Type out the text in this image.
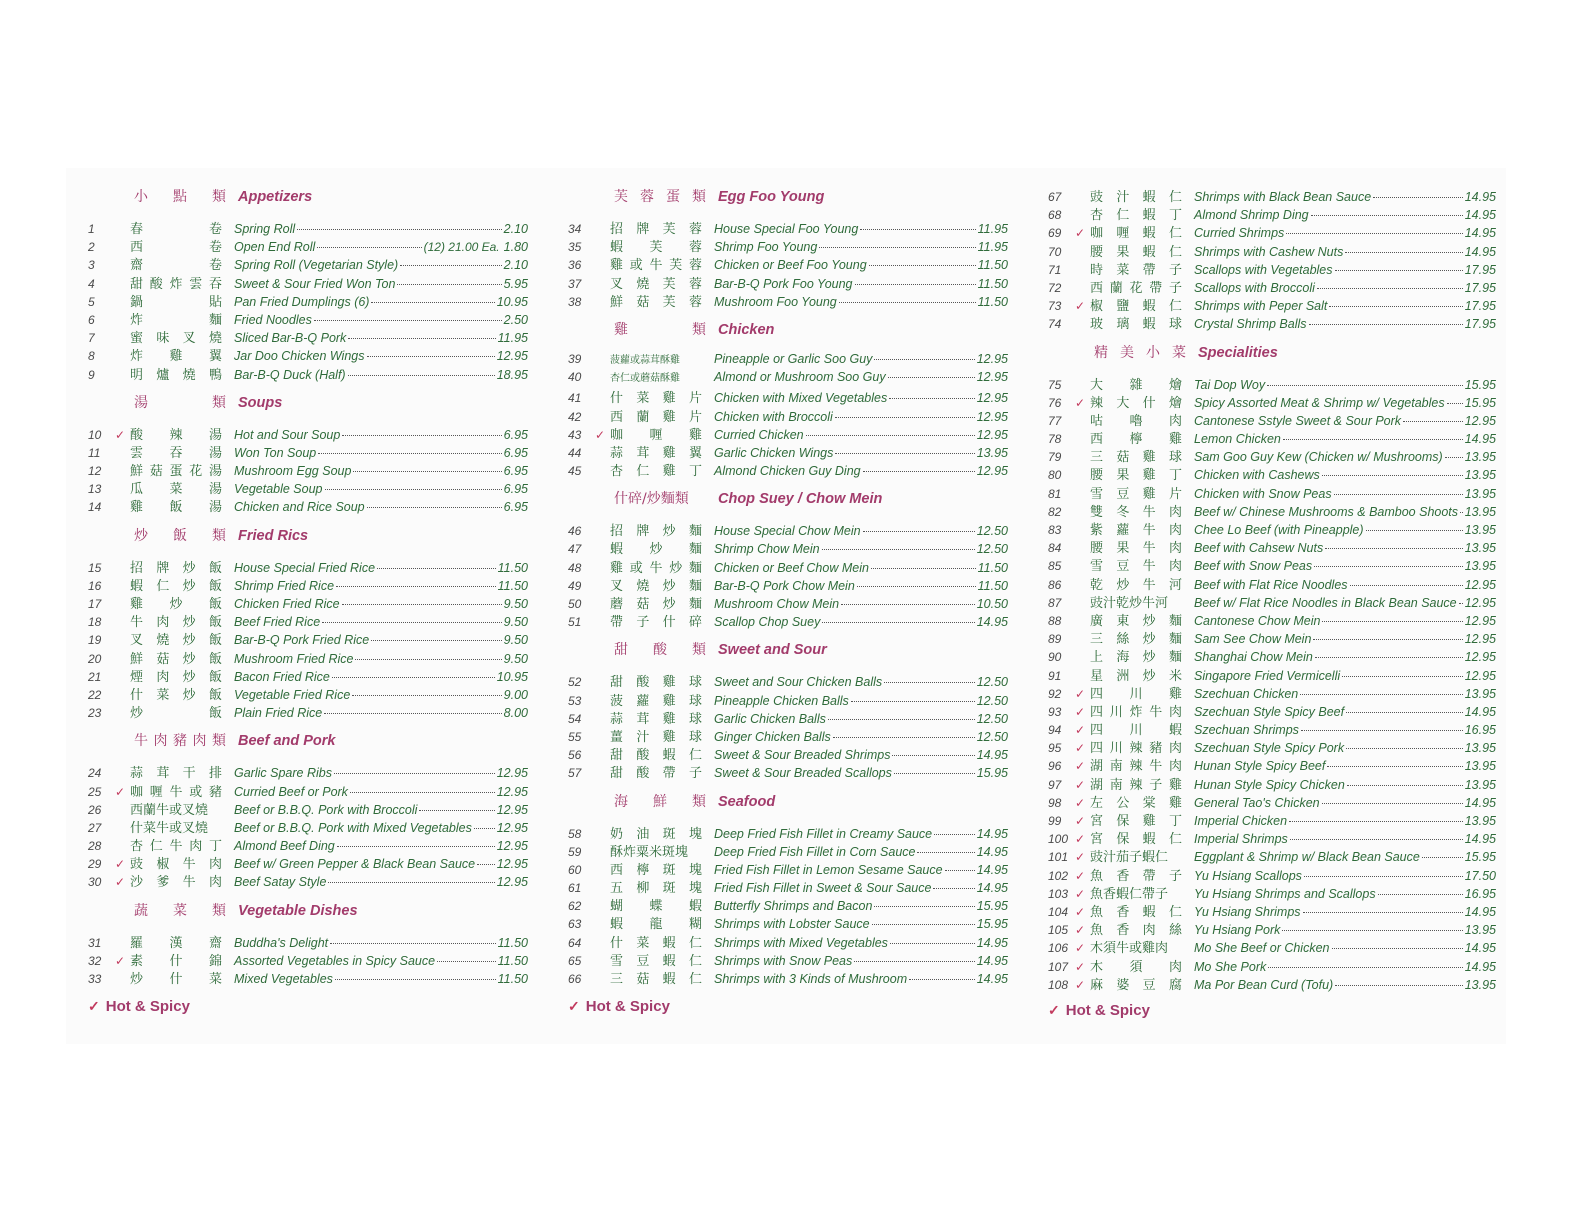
小 點 類 Appetizers
1	春	卷 Spring Roll	2.10
2	西	卷 Open End Roll	(12) 21.00 Ea. 1.80
3	齋	卷 Spring Roll (Vegetarian Style)	2.10
4	甜 酸 炸 雲 吞 Sweet & Sour Fried Won Ton	5.95
5	鍋	貼 Pan Fried Dumplings (6)	10.95
6	炸	麵 Fried Noodles	2.50
7	蜜 味 叉 燒 Sliced Bar-B-Q Pork	11.95
8	炸 雞 翼 Jar Doo Chicken Wings	12.95
9	明 爐 燒 鴨 Bar-B-Q Duck (Half)	18.95
湯	類 Soups
10	✓ 酸 辣 湯 Hot and Sour Soup	6.95
11	雲 吞 湯 Won Ton Soup	6.95
12	鮮 菇 蛋 花 湯 Mushroom Egg Soup	6.95
13	瓜 菜 湯 Vegetable Soup	6.95
14	雞 飯 湯 Chicken and Rice Soup	6.95
炒 飯 類 Fried Rics
15	招 牌 炒 飯 House Special Fried Rice	11.50
16	蝦 仁 炒 飯 Shrimp Fried Rice	11.50
17	雞 炒 飯 Chicken Fried Rice	9.50
18	牛 肉 炒 飯 Beef Fried Rice	9.50
19	叉 燒 炒 飯 Bar-B-Q Pork Fried Rice	9.50
20	鮮 菇 炒 飯 Mushroom Fried Rice	9.50
21	煙 肉 炒 飯 Bacon Fried Rice	10.95
22	什 菜 炒 飯 Vegetable Fried Rice	9.00
23	炒	飯 Plain Fried Rice	8.00
牛 肉 豬 肉 類 Beef and Pork
24	蒜 茸 干 排 Garlic Spare Ribs	12.95
25	✓ 咖 喱 牛 或 豬 Curried Beef or Pork	12.95
26	西蘭牛或叉燒	Beef or B.B.Q. Pork with Broccoli	12.95
27	什菜牛或叉燒	Beef or B.B.Q. Pork with Mixed Vegetables 12.95
28	杏 仁 牛 肉 丁 Almond Beef Ding	12.95
29	✓ 豉 椒 牛 肉 Beef w/ Green Pepper & Black Bean Sauce 12.95
30	✓ 沙 爹 牛 肉 Beef Satay Style	12.95
蔬 菜 類 Vegetable Dishes
31	羅 漢 齋 Buddha's Delight	11.50
32	✓ 素 什 錦 Assorted Vegetables in Spicy Sauce	11.50
33	炒 什 菜 Mixed Vegetables	11.50
芙 蓉 蛋 類 Egg Foo Young
34	招 牌 芙 蓉 House Special Foo Young	11.95
35	蝦 芙 蓉 Shrimp Foo Young	11.95
36	雞 或 牛 芙 蓉 Chicken or Beef Foo Young	11.50
37	叉 燒 芙 蓉 Bar-B-Q Pork Foo Young	11.50
38	鮮 菇 芙 蓉 Mushroom Foo Young	11.50
雞	類 Chicken
39	菠蘿或蒜茸酥雞	Pineapple or Garlic Soo Guy	12.95
40	杏仁或蘑菇酥雞	Almond or Mushroom Soo Guy	12.95
41	什 菜 雞 片 Chicken with Mixed Vegetables	12.95
42	西 蘭 雞 片 Chicken with Broccoli	12.95
43	✓ 咖 喱 雞 Curried Chicken	12.95
44	蒜 茸 雞 翼 Garlic Chicken Wings	13.95
45	杏 仁 雞 丁 Almond Chicken Guy Ding	12.95
什碎/炒麵類	Chop Suey / Chow Mein
46	招 牌 炒 麵 House Special Chow Mein	12.50
47	蝦 炒 麵 Shrimp Chow Mein	12.50
48	雞 或 牛 炒 麵 Chicken or Beef Chow Mein	11.50
49	叉 燒 炒 麵 Bar-B-Q Pork Chow Mein	11.50
50	蘑 菇 炒 麵 Mushroom Chow Mein	10.50
51	帶 子 什 碎 Scallop Chop Suey	14.95
甜 酸 類 Sweet and Sour
52	甜 酸 雞 球 Sweet and Sour Chicken Balls	12.50
53	菠 蘿 雞 球 Pineapple Chicken Balls	12.50
54	蒜 茸 雞 球 Garlic Chicken Balls	12.50
55	薑 汁 雞 球 Ginger Chicken Balls	12.50
56	甜 酸 蝦 仁 Sweet & Sour Breaded Shrimps	14.95
57	甜 酸 帶 子 Sweet & Sour Breaded Scallops	15.95
海 鮮 類 Seafood
58	奶 油 斑 塊 Deep Fried Fish Fillet in Creamy Sauce	14.95
59	酥炸粟米斑塊	Deep Fried Fish Fillet in Corn Sauce	14.95
60	西 檸 斑 塊 Fried Fish Fillet in Lemon Sesame Sauce	14.95
61	五 柳 斑 塊 Fried Fish Fillet in Sweet & Sour Sauce	14.95
62	蝴 蝶 蝦 Butterfly Shrimps and Bacon	15.95
63	蝦 龍 糊 Shrimps with Lobster Sauce	15.95
64	什 菜 蝦 仁 Shrimps with Mixed Vegetables	14.95
65	雪 豆 蝦 仁 Shrimps with Snow Peas	14.95
66	三 菇 蝦 仁 Shrimps with 3 Kinds of Mushroom	14.95
67	豉 汁 蝦 仁 Shrimps with Black Bean Sauce	14.95
68	杏 仁 蝦 丁 Almond Shrimp Ding	14.95
69	✓ 咖 喱 蝦 仁 Curried Shrimps	14.95
70	腰 果 蝦 仁 Shrimps with Cashew Nuts	14.95
71	時 菜 帶 子 Scallops with Vegetables	17.95
72	西 蘭 花 帶 子 Scallops with Broccoli	17.95
73	✓ 椒 鹽 蝦 仁 Shrimps with Peper Salt	17.95
74	玻 璃 蝦 球 Crystal Shrimp Balls	17.95
精 美 小 菜 Specialities
75	大 雜 燴 Tai Dop Woy	15.95
76	✓ 辣 大 什 燴 Spicy Assorted Meat & Shrimp w/ Vegetables 15.95
77	咕 嚕 肉 Cantonese Sstyle Sweet & Sour Pork	12.95
78	西 檸 雞 Lemon Chicken	14.95
79	三 菇 雞 球 Sam Goo Guy Kew (Chicken w/ Mushrooms) 13.95
80	腰 果 雞 丁 Chicken with Cashews	13.95
81	雪 豆 雞 片 Chicken with Snow Peas	13.95
82	雙 冬 牛 肉 Beef w/ Chinese Mushrooms & Bamboo Shoots 13.95
83	紫 蘿 牛 肉 Chee Lo Beef (with Pineapple)	13.95
84	腰 果 牛 肉 Beef with Cahsew Nuts	13.95
85	雪 豆 牛 肉 Beef with Snow Peas	13.95
86	乾 炒 牛 河 Beef with Flat Rice Noodles	12.95
87	豉汁乾炒牛河	Beef w/ Flat Rice Noodles in Black Bean Sauce 12.95
88	廣 東 炒 麵 Cantonese Chow Mein	12.95
89	三 絲 炒 麵 Sam See Chow Mein	12.95
90	上 海 炒 麵 Shanghai Chow Mein	12.95
91	星 洲 炒 米 Singapore Fried Vermicelli	12.95
92	✓ 四 川 雞 Szechuan Chicken	13.95
93	✓ 四 川 炸 牛 肉 Szechuan Style Spicy Beef	14.95
94	✓ 四 川 蝦 Szechuan Shrimps	16.95
95	✓ 四 川 辣 豬 肉 Szechuan Style Spicy Pork	13.95
96	✓ 湖 南 辣 牛 肉 Hunan Style Spicy Beef	13.95
97	✓ 湖 南 辣 子 雞 Hunan Style Spicy Chicken	13.95
98	✓ 左 公 棠 雞 General Tao's Chicken	14.95
99	✓ 宮 保 雞 丁 Imperial Chicken	13.95
100 ✓ 宮 保 蝦 仁 Imperial Shrimps	14.95
101 ✓ 豉汁茄子蝦仁	Eggplant & Shrimp w/ Black Bean Sauce	15.95
102 ✓ 魚 香 帶 子 Yu Hsiang Scallops	17.50
103 ✓ 魚香蝦仁帶子	Yu Hsiang Shrimps and Scallops	16.95
104 ✓ 魚 香 蝦 仁 Yu Hsiang Shrimps	14.95
105 ✓ 魚 香 肉 絲 Yu Hsiang Pork	13.95
106 ✓ 木須牛或雞肉	Mo She Beef or Chicken	14.95
107 ✓ 木 須 肉 Mo She Pork	14.95
108 ✓ 麻 婆 豆 腐 Ma Por Bean Curd (Tofu)	13.95
✓ Hot & Spicy	✓ Hot & Spicy	✓ Hot & Spicy
